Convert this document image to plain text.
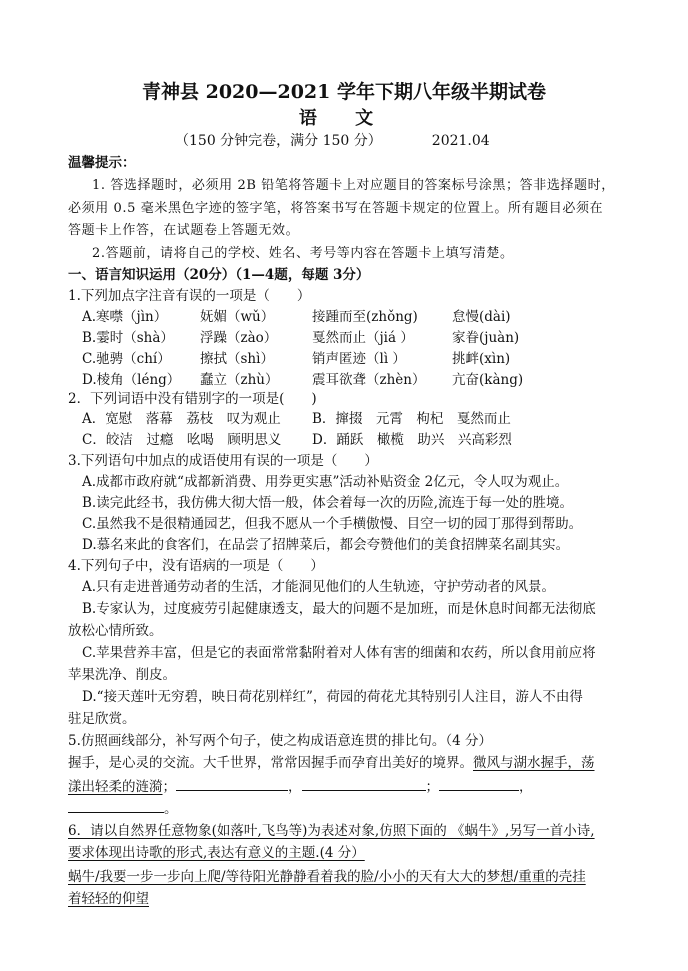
青神县 2020—2021 学年下期八年级半期试卷
语 文
（150 分钟完卷，满分 150 分）	2021.04
温馨提示：
1. 答选择题时，必须用 2B 铅笔将答题卡上对应题目的答案标号涂黑；答非选择题时，
必须用 0.5 毫米黑色字迹的签字笔，将答案书写在答题卡规定的位置上。所有题目必须在
答题卡上作答，在试题卷上答题无效。
2.答题前，请将自己的学校、姓名、考号等内容在答题卡上填写清楚。
一、语言知识运用（20分）（1—4题，每题 3分）
1.下列加点字注音有误的一项是（　　）
A.寒噤（jìn） 妩媚（wǔ）	接踵而至(zhǒng)	怠慢(dài)
B.霎时（shà） 浮躁（zào）	戛然而止（jiá ）	家眷(juàn)
C.驰骋（chí） 擦拭（shì）	销声匿迹（lì ）	挑衅(xìn)
D.棱角（léng） 蠢立（zhù） 震耳欲聋（zhèn） 亢奋(kàng)
2．下列词语中没有错别字的一项是(　　)
A．宽慰　落幕　荔枝　叹为观止 B．撺掇　元霄　枸杞　戛然而止
C．皎洁　过瘾　吆喝　顾明思义 D．踊跃　橄榄　助兴　兴高彩烈
3.下列语句中加点的成语使用有误的一项是（　　）
A.成都市政府就“成都新消费、用券更实惠”活动补贴资金 2亿元，令人叹为观止。
B.读完此经书，我仿佛大彻大悟一般，体会着每一次的历险,流连于每一处的胜境。
C.虽然我不是很精通园艺，但我不愿从一个手横傲慢、目空一切的园丁那得到帮助。
D.慕名来此的食客们，在品尝了招牌菜后，都会夸赞他们的美食招牌菜名副其实。
4.下列句子中，没有语病的一项是（　　）
A.只有走进普通劳动者的生活，才能洞见他们的人生轨迹，守护劳动者的风景。
B.专家认为，过度疲劳引起健康透支，最大的问题不是加班，而是休息时间都无法彻底
放松心情所致。
C.苹果营养丰富，但是它的表面常常黏附着对人体有害的细菌和农药，所以食用前应将
苹果洗净、削皮。
D.“接天莲叶无穷碧，映日荷花别样红”，荷园的荷花尤其特别引人注目，游人不由得
驻足欣赏。
5.仿照画线部分，补写两个句子，使之构成语意连贯的排比句。（4 分）
握手，是心灵的交流。大千世界，常常因握手而孕育出美好的境界。微风与湖水握手，荡
漾出轻柔的涟漪；	，	；	，
。
6．请以自然界任意物象(如落叶,飞鸟等)为表述对象,仿照下面的 《蜗牛》,另写一首小诗,
要求体现出诗歌的形式,表达有意义的主题.(4 分）
蜗牛/我要一步一步向上爬/等待阳光静静看着我的脸/小小的天有大大的梦想/重重的壳挂
着轻轻的仰望
